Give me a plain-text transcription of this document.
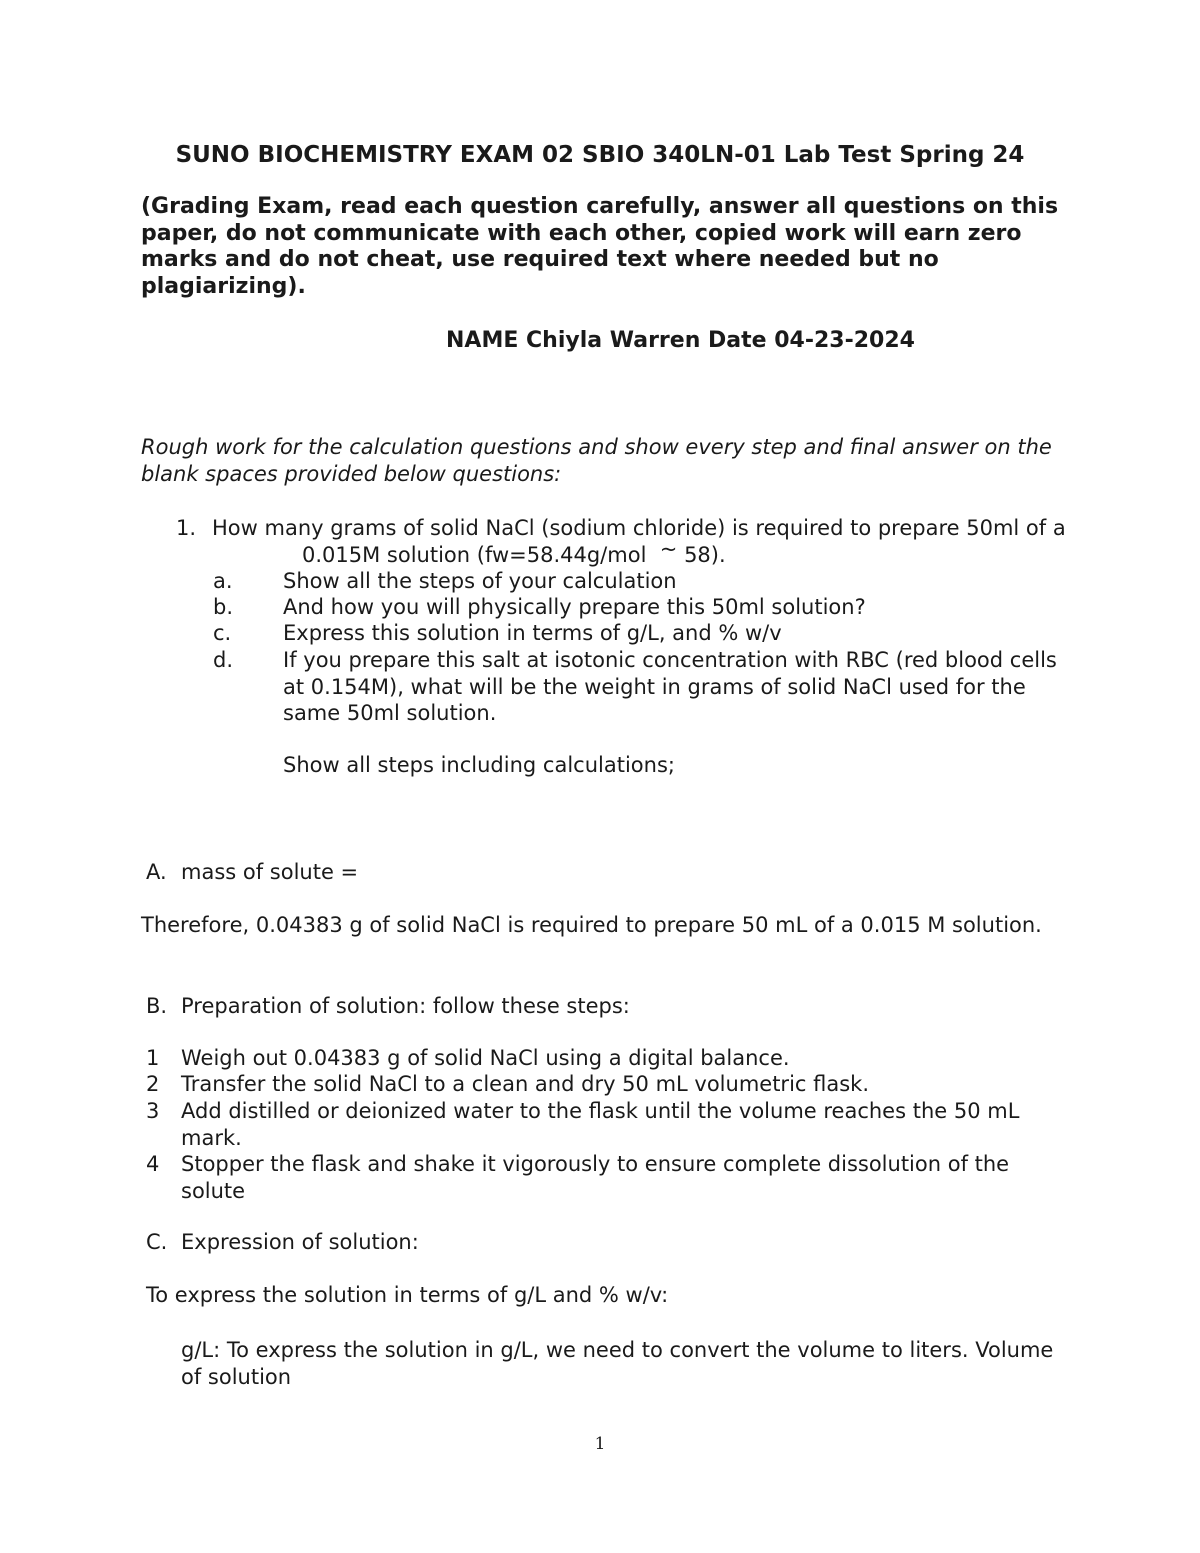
SUNO BIOCHEMISTRY EXAM 02 SBIO 340LN-01 Lab Test Spring 24
(Grading Exam, read each question carefully, answer all questions on this paper, do not communicate with each other, copied work will earn zero marks and do not cheat, use required text where needed but no plagiarizing).
NAME Chiyla Warren Date 04-23-2024
Rough work for the calculation questions and show every step and final answer on the blank spaces provided below questions:
1. How many grams of solid NaCl (sodium chloride) is required to prepare 50ml of a0.015M solution (fw=58.44g/mol ~ 58).
a. Show all the steps of your calculation
b. And how you will physically prepare this 50ml solution?
c. Express this solution in terms of g/L, and % w/v
d. If you prepare this salt at isotonic concentration with RBC (red blood cells at 0.154M), what will be the weight in grams of solid NaCl used for the same 50ml solution.
Show all steps including calculations;
A. mass of solute =
Therefore, 0.04383 g of solid NaCl is required to prepare 50 mL of a 0.015 M solution.
B. Preparation of solution: follow these steps:
1 Weigh out 0.04383 g of solid NaCl using a digital balance.
2 Transfer the solid NaCl to a clean and dry 50 mL volumetric flask.
3 Add distilled or deionized water to the flask until the volume reaches the 50 mL mark.
4 Stopper the flask and shake it vigorously to ensure complete dissolution of the solute
C. Expression of solution:
To express the solution in terms of g/L and % w/v:
g/L: To express the solution in g/L, we need to convert the volume to liters. Volume of solution
1
